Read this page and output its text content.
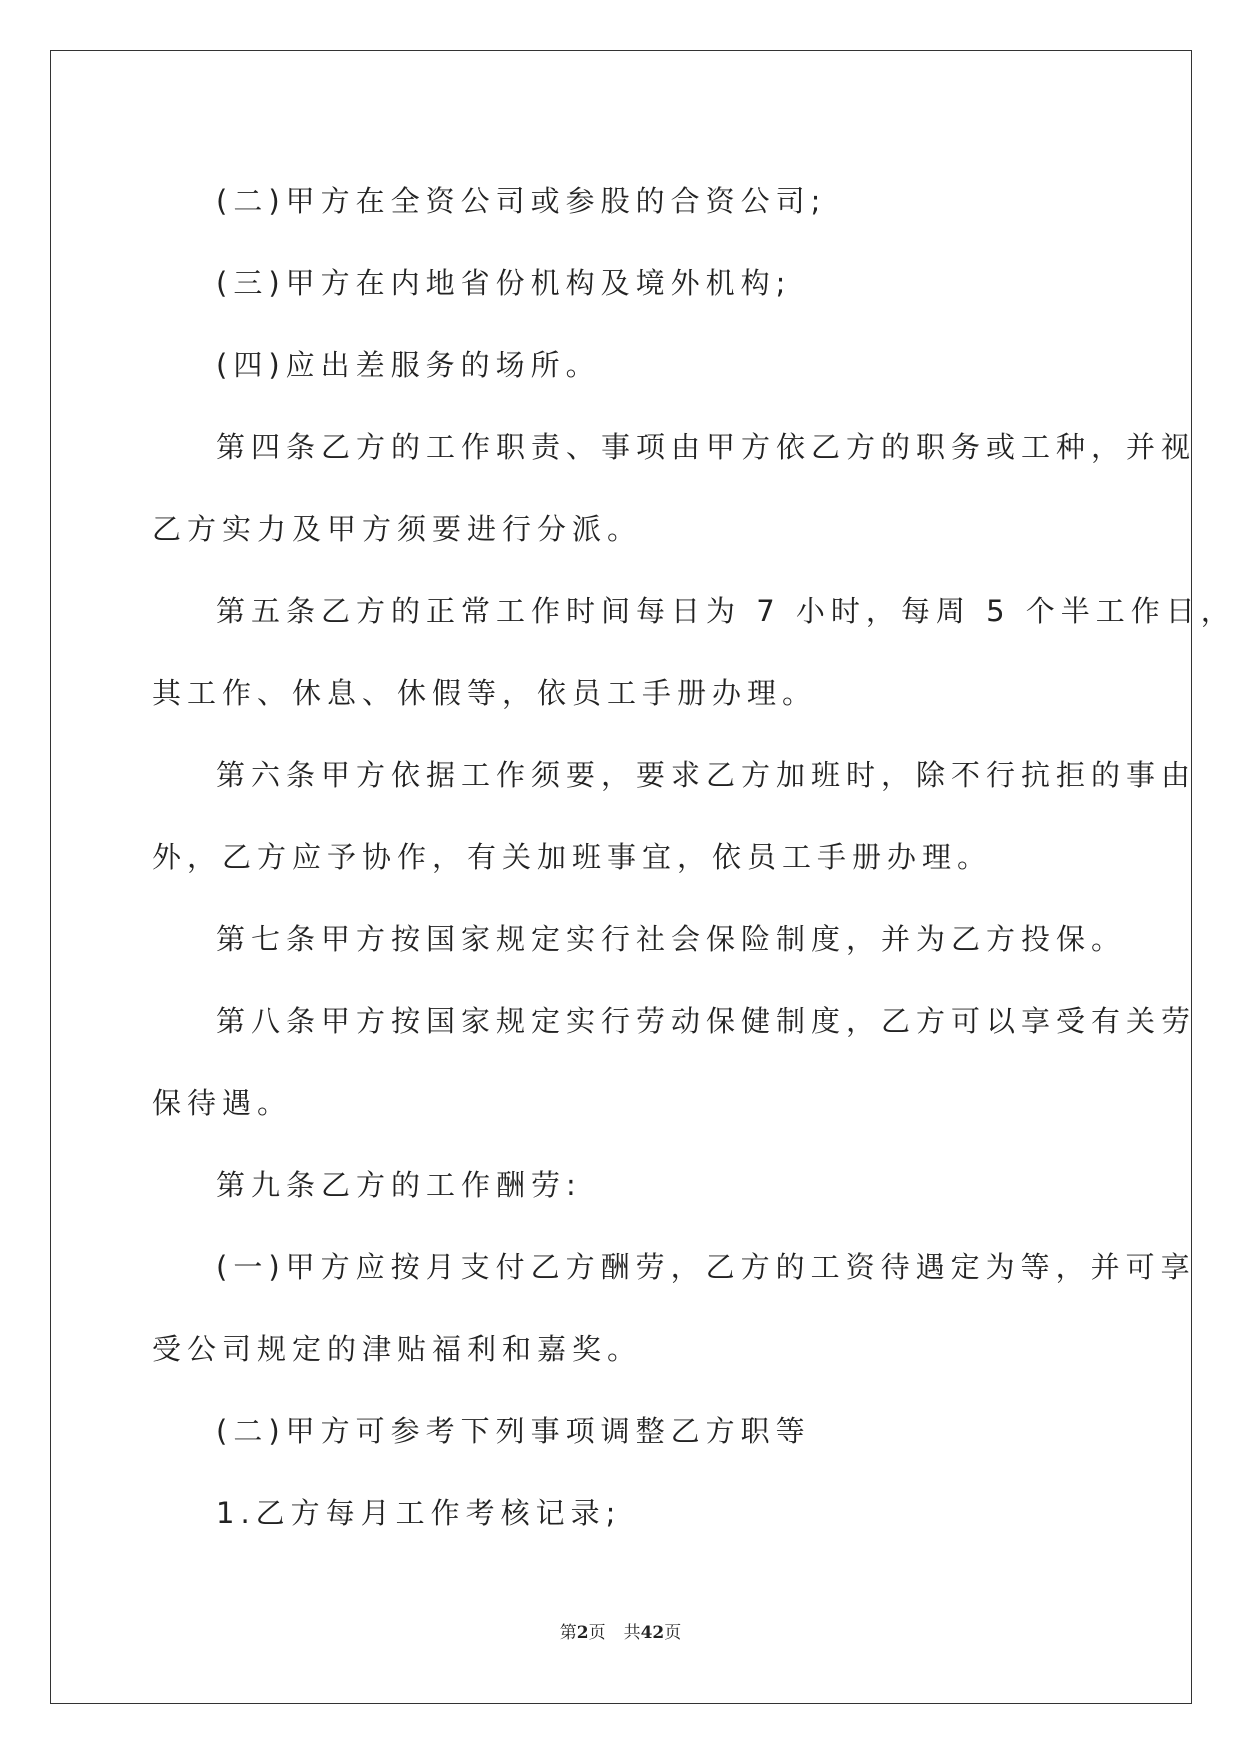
(二)甲方在全资公司或参股的合资公司;

(三)甲方在内地省份机构及境外机构;

(四)应出差服务的场所。

第四条乙方的工作职责、事项由甲方依乙方的职务或工种，并视

乙方实力及甲方须要进行分派。

第五条乙方的正常工作时间每日为 7 小时，每周 5 个半工作日，

其工作、休息、休假等，依员工手册办理。

第六条甲方依据工作须要，要求乙方加班时，除不行抗拒的事由

外，乙方应予协作，有关加班事宜，依员工手册办理。

第七条甲方按国家规定实行社会保险制度，并为乙方投保。

第八条甲方按国家规定实行劳动保健制度，乙方可以享受有关劳

保待遇。

第九条乙方的工作酬劳:

(一)甲方应按月支付乙方酬劳，乙方的工资待遇定为等，并可享

受公司规定的津贴福利和嘉奖。

(二)甲方可参考下列事项调整乙方职等

1.乙方每月工作考核记录;

第2页 共42页
